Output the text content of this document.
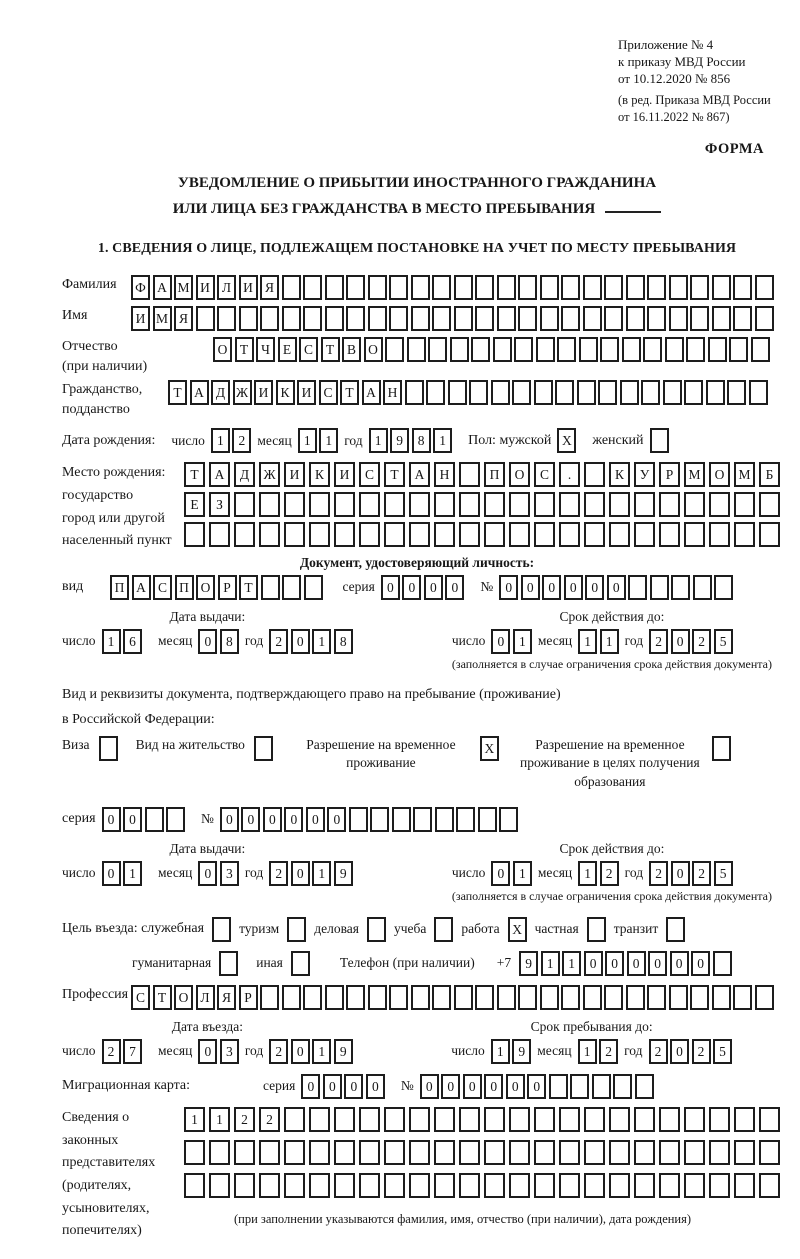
Приложение № 4
к приказу МВД России
от 10.12.2020 № 856
(в ред. Приказа МВД России
от 16.11.2022 № 867)
ФОРМА
УВЕДОМЛЕНИЕ О ПРИБЫТИИ ИНОСТРАННОГО ГРАЖДАНИНА
ИЛИ ЛИЦА БЕЗ ГРАЖДАНСТВА В МЕСТО ПРЕБЫВАНИЯ
1. СВЕДЕНИЯ О ЛИЦЕ, ПОДЛЕЖАЩЕМ ПОСТАНОВКЕ НА УЧЕТ ПО МЕСТУ ПРЕБЫВАНИЯ
Фамилия	Ф А М И Л И Я
Имя	И М Я
Отчество
(при наличии)
О Т Ч Е С Т В О
Гражданство,
подданство
Т А Д Ж И К И С Т А Н
Дата рождения: число 1	2 месяц 1	1 год 1	9	8	1	Пол: мужской X	женский
Место рождения:
государство
город или другой
населенный пункт
Т	А	Д	Ж	И	К	И	С	Т	А	Н	П	О	С	.	К	У	Р	М	О	М	Б
Е	З
Документ, удостоверяющий личность:
вид	П А С П О Р	Т	серия 0	0	0	0	№ 0	0	0	0	0	0
Дата выдачи:
число 1	6	месяц 0	8 год 2	0	1	8
Срок действия до:
число 0	1 месяц 1	1 год 2	0	2	5
(заполняется в случае ограничения срока действия документа)
Вид и реквизиты документа, подтверждающего право на пребывание (проживание)
в Российской Федерации:
Виза	Вид на жительство	Разрешение на временное проживание
X	Разрешение на временное проживание в целях получения образования
серия 0	0	№ 0	0	0	0	0	0
Дата выдачи:
число 0	1	месяц 0	3 год 2	0	1	9
Срок действия до:
число 0	1 месяц 1	2 год 2	0	2	5
(заполняется в случае ограничения срока действия документа)
Цель въезда: служебная	туризм	деловая	учеба	работа X частная	транзит
гуманитарная	иная	Телефон (при наличии) +7	9	1	1	0	0	0	0	0	0
Профессия С Т О Л Я Р
Дата въезда:
число 2	7	месяц 0	3 год 2	0	1	9
Срок пребывания до:
число 1	9 месяц 1	2 год 2	0	2	5
Миграционная карта:	серия 0	0	0	0	№ 0	0	0	0	0	0
Сведения о
законных
представителях
(родителях,
усыновителях,
попечителях)
1	1	2	2
(при заполнении указываются фамилия, имя, отчество (при наличии), дата рождения)
